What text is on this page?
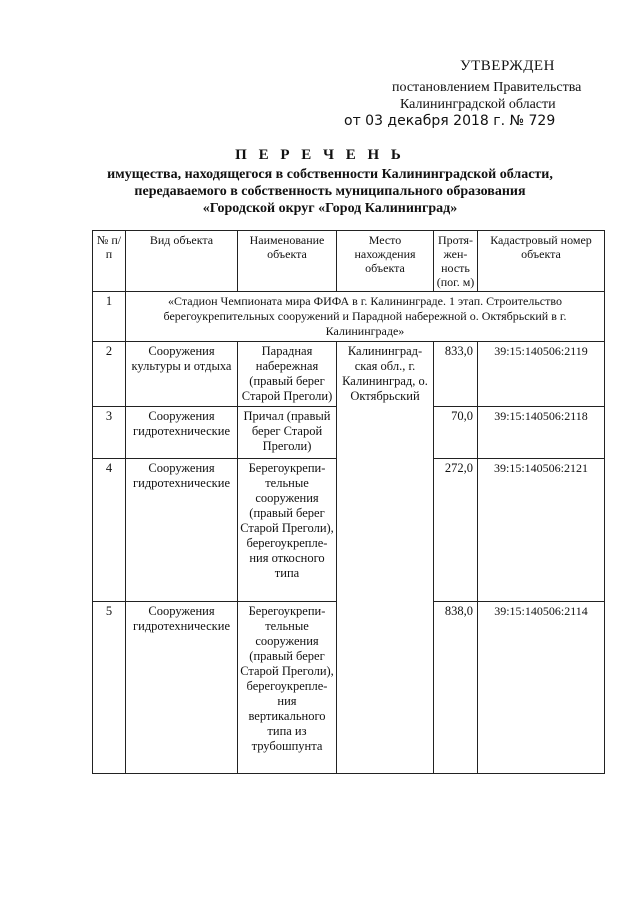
УТВЕРЖДЕН
постановлением Правительства
Калининградской области
от 03 декабря 2018 г. № 729
П Е Р Е Ч Е Н Ь
имущества, находящегося в собственности Калининградской области,
передаваемого в собственность муниципального образования
«Городской округ «Город Калининград»
№ п/п	Вид объекта	Наименование объекта	Место нахождения объекта	Протя-жен-ность (пог. м)	Кадастровый номер объекта
1	«Стадион Чемпионата мира ФИФА в г. Калининграде. 1 этап. Строительство берегоукрепительных сооружений и Парадной набережной о. Октябрьский в г. Калининграде»				
2	Сооружения культуры и отдыха	Парадная набережная (правый берег Старой Преголи)	Калининград-ская обл., г. Калининград, о. Октябрьский	833,0	39:15:140506:2119
3	Сооружения гидротехнические	Причал (правый берег Старой Преголи)		70,0	39:15:140506:2118
4	Сооружения гидротехнические	Берегоукрепи-тельные сооружения (правый берег Старой Преголи), берегоукрепле-ния откосного типа		272,0	39:15:140506:2121
5	Сооружения гидротехнические	Берегоукрепи-тельные сооружения (правый берег Старой Преголи), берегоукрепле-ния вертикального типа из трубошпунта		838,0	39:15:140506:2114
